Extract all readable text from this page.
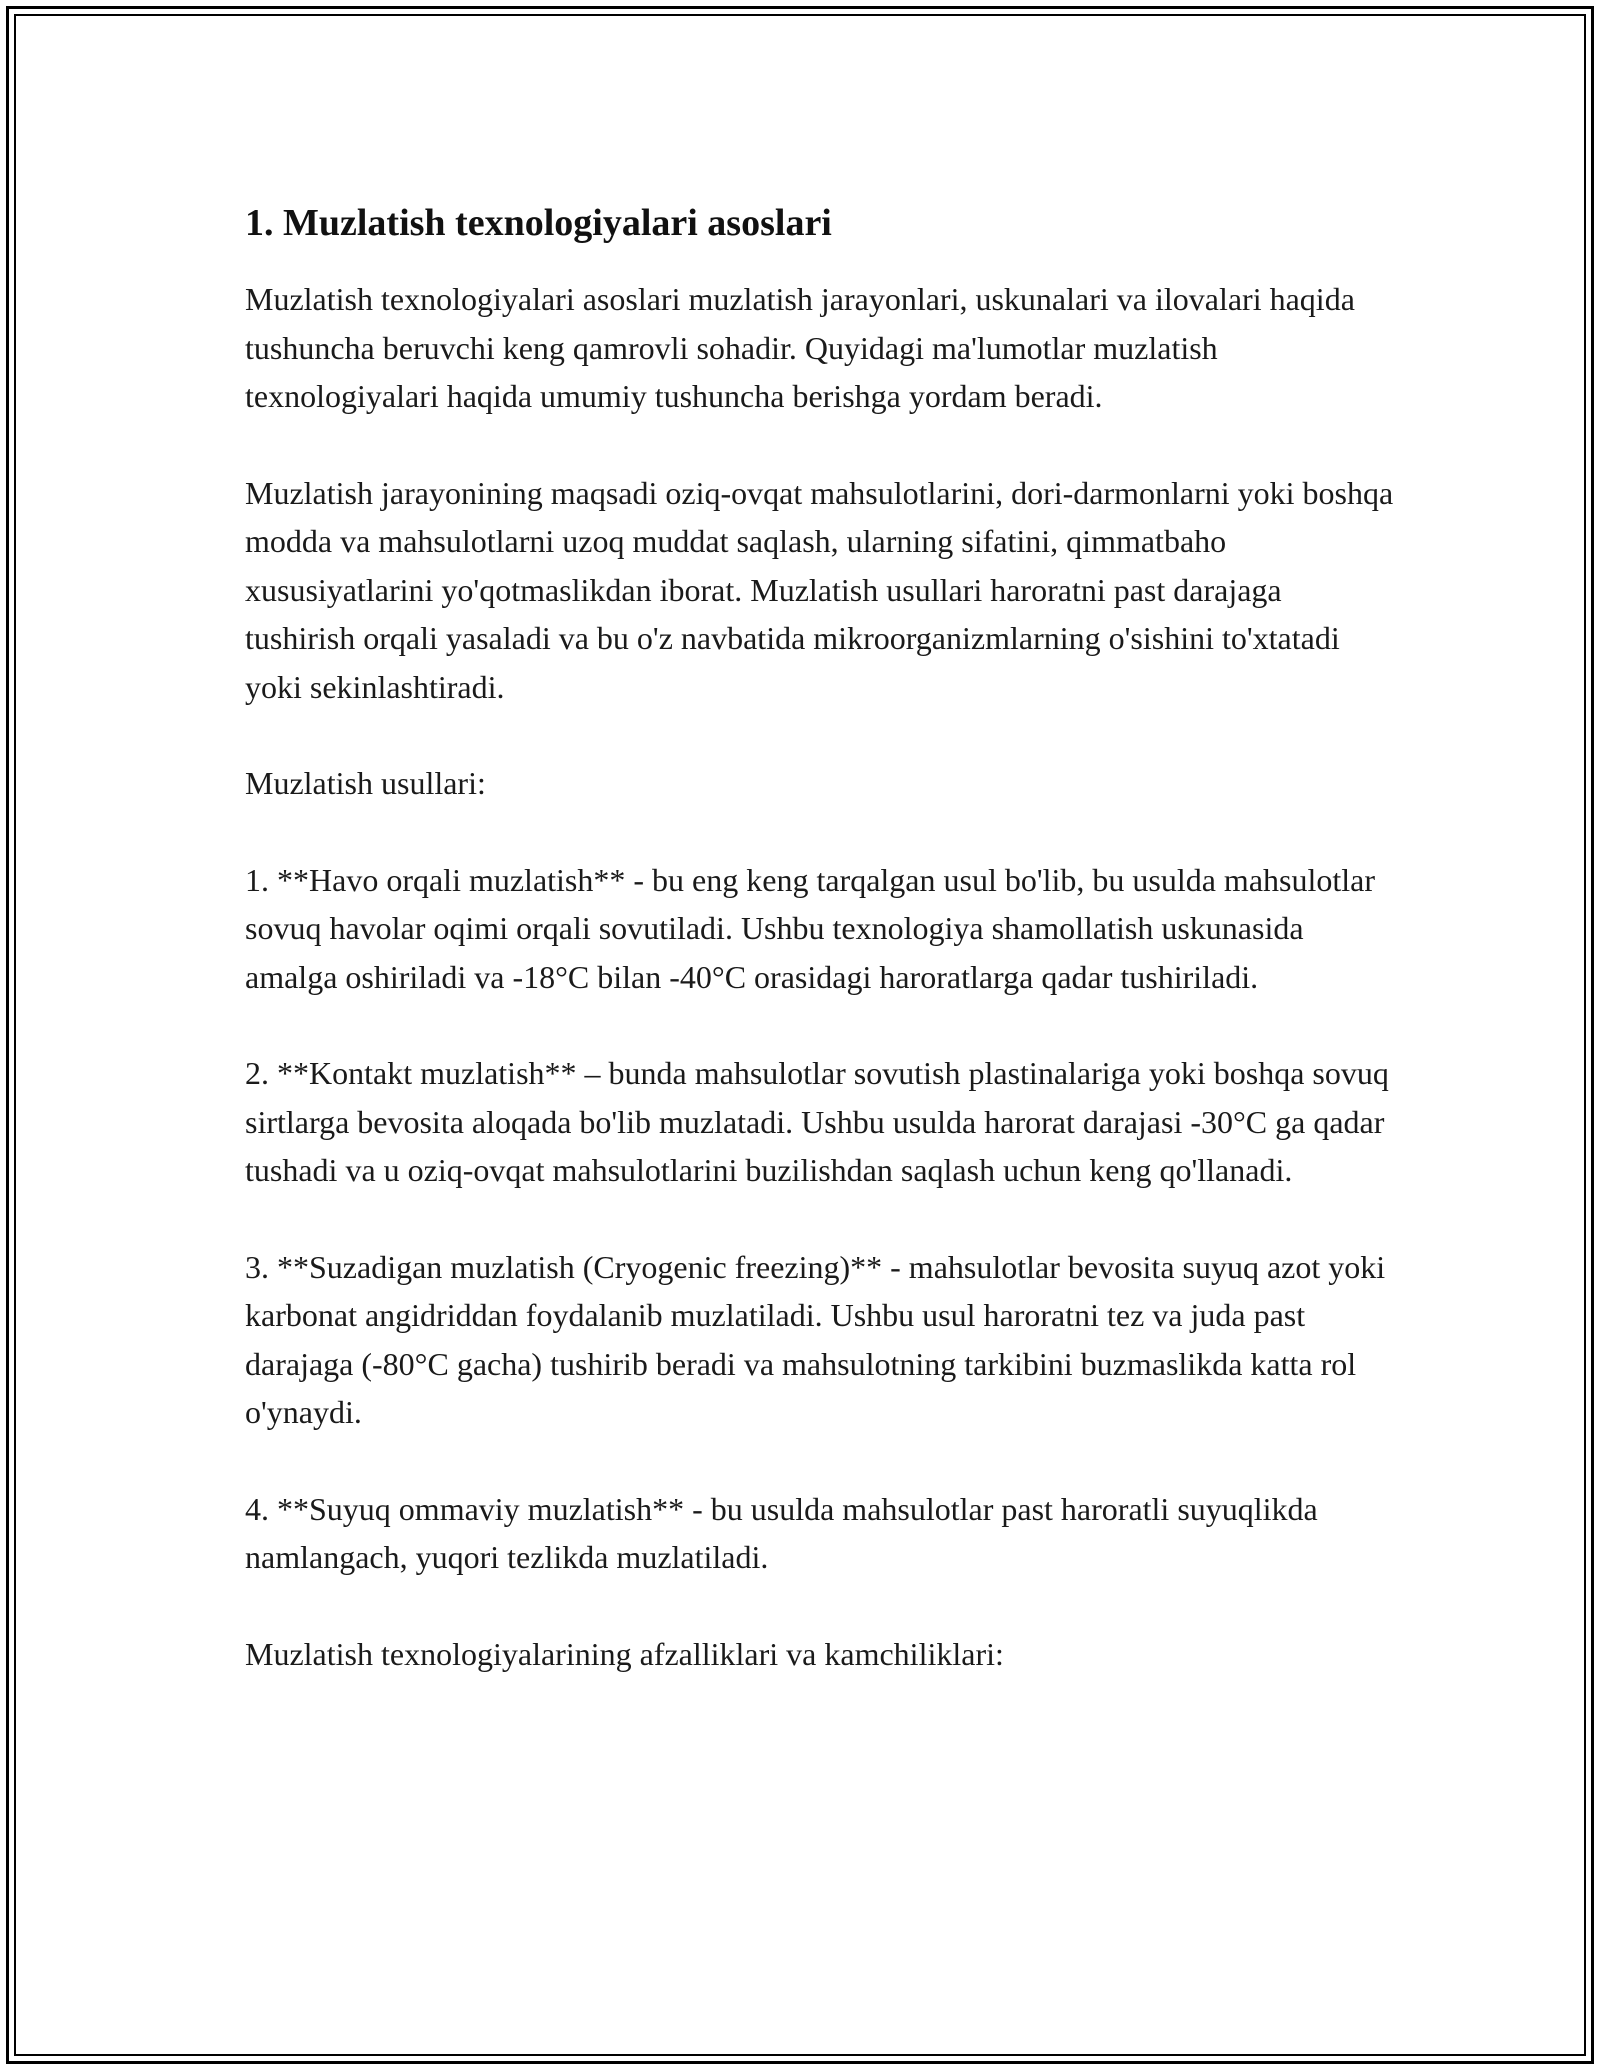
1. Muzlatish texnologiyalari asoslari

Muzlatish texnologiyalari asoslari muzlatish jarayonlari, uskunalari va ilovalari haqida tushuncha beruvchi keng qamrovli sohadir. Quyidagi ma'lumotlar muzlatish texnologiyalari haqida umumiy tushuncha berishga yordam beradi.

Muzlatish jarayonining maqsadi oziq-ovqat mahsulotlarini, dori-darmonlarni yoki boshqa modda va mahsulotlarni uzoq muddat saqlash, ularning sifatini, qimmatbaho xususiyatlarini yo'qotmaslikdan iborat. Muzlatish usullari haroratni past darajaga tushirish orqali yasaladi va bu o'z navbatida mikroorganizmlarning o'sishini to'xtatadi yoki sekinlashtiradi.

Muzlatish usullari:

1. **Havo orqali muzlatish** - bu eng keng tarqalgan usul bo'lib, bu usulda mahsulotlar sovuq havolar oqimi orqali sovutiladi. Ushbu texnologiya shamollatish uskunasida amalga oshiriladi va -18°C bilan -40°C orasidagi haroratlarga qadar tushiriladi.

2. **Kontakt muzlatish** – bunda mahsulotlar sovutish plastinalariga yoki boshqa sovuq sirtlarga bevosita aloqada bo'lib muzlatadi. Ushbu usulda harorat darajasi -30°C ga qadar tushadi va u oziq-ovqat mahsulotlarini buzilishdan saqlash uchun keng qo'llanadi.

3. **Suzadigan muzlatish (Cryogenic freezing)** - mahsulotlar bevosita suyuq azot yoki karbonat angidriddan foydalanib muzlatiladi. Ushbu usul haroratni tez va juda past darajaga (-80°C gacha) tushirib beradi va mahsulotning tarkibini buzmaslikda katta rol o'ynaydi.

4. **Suyuq ommaviy muzlatish** - bu usulda mahsulotlar past haroratli suyuqlikda namlangach, yuqori tezlikda muzlatiladi.

Muzlatish texnologiyalarining afzalliklari va kamchiliklari:
